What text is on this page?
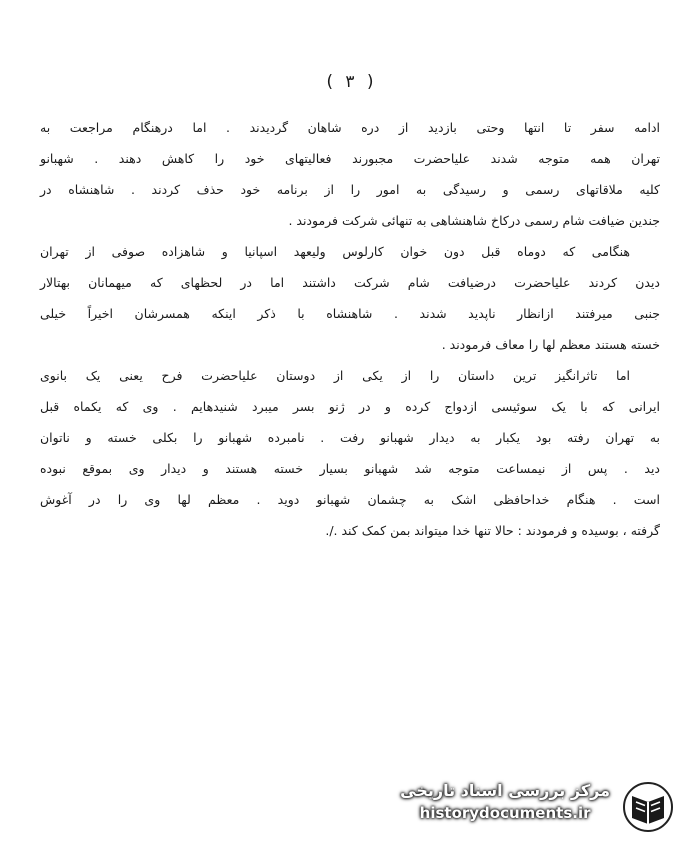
( ٣ )
ادامه سفر تا انتها وحتی بازدید از دره شاهان گردیدند . اما درهنگام مراجعت به
تهران همه متوجه شدند علیاحضرت مجبورند فعالیتهای خود را کاهش دهند . شهبانو
کلیه ملاقاتهای رسمی و رسیدگی به امور را از برنامه خود حذف کردند . شاهنشاه در
جندین ضیافت شام رسمی درکاخ شاهنشاهی به تنهائی شرکت فرمودند .
هنگامی که دوماه قبل دون خوان کارلوس ولیعهد اسپانیا و شاهزاده صوفی از تهران
دیدن کردند علیاحضرت درضیافت شام شرکت داشتند اما در لحظهای که میهمانان بهتالار
جنبی میرفتند ازانظار ناپدید شدند . شاهنشاه با ذکر اینکه همسرشان اخیراً خیلی
خسته هستند معظم لها را معاف فرمودند .
اما تاثرانگیز ترین داستان را از یکی از دوستان علیاحضرت فرح یعنی یک بانوی
ایرانی که با یک سوئیسی ازدواج کرده و در ژنو بسر میبرد شنیدهایم . وی که یکماه قبل
به تهران رفته بود یکبار به دیدار شهبانو رفت . نامبرده شهبانو را بکلی خسته و ناتوان
دید . پس از نیمساعت متوجه شد شهبانو بسیار خسته هستند و دیدار وی بموقع نبوده
است . هنگام خداحافظی اشک به چشمان شهبانو دوید . معظم لها وی را در آغوش
گرفته ، بوسیده و فرمودند : حالا تنها خدا میتواند بمن کمک کند ./.
مرکز بررسی اسناد تاریخی
historydocuments.ir
